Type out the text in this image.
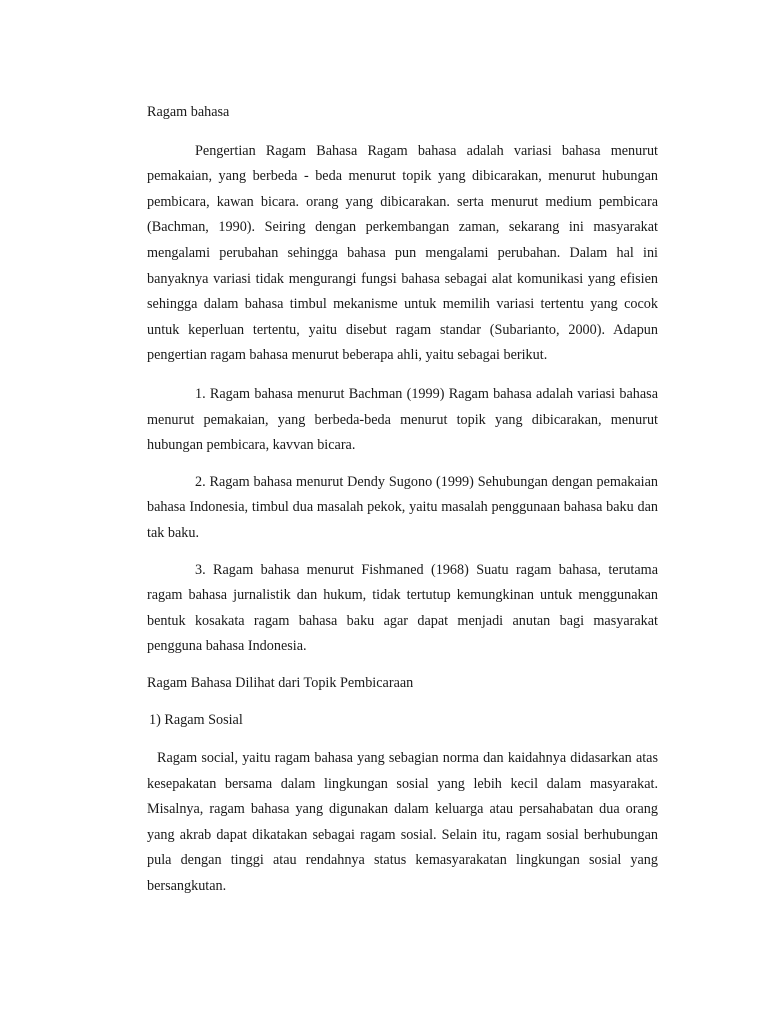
Ragam bahasa

Pengertian Ragam Bahasa Ragam bahasa adalah variasi bahasa menurut pemakaian, yang berbeda - beda menurut topik yang dibicarakan, menurut hubungan pembicara, kawan bicara. orang yang dibicarakan. serta menurut medium pembicara (Bachman, 1990). Seiring dengan perkembangan zaman, sekarang ini masyarakat mengalami perubahan sehingga bahasa pun mengalami perubahan. Dalam hal ini banyaknya variasi tidak mengurangi fungsi bahasa sebagai alat komunikasi yang efisien sehingga dalam bahasa timbul mekanisme untuk memilih variasi tertentu yang cocok untuk keperluan tertentu, yaitu disebut ragam standar (Subarianto, 2000). Adapun pengertian ragam bahasa menurut beberapa ahli, yaitu sebagai berikut.

1. Ragam bahasa menurut Bachman (1999) Ragam bahasa adalah variasi bahasa menurut pemakaian, yang berbeda-beda menurut topik yang dibicarakan, menurut hubungan pembicara, kavvan bicara.

2. Ragam bahasa menurut Dendy Sugono (1999) Sehubungan dengan pemakaian bahasa Indonesia, timbul dua masalah pekok, yaitu masalah penggunaan bahasa baku dan tak baku.

3. Ragam bahasa menurut Fishmaned (1968) Suatu ragam bahasa, terutama ragam bahasa jurnalistik dan hukum, tidak tertutup kemungkinan untuk menggunakan bentuk kosakata ragam bahasa baku agar dapat menjadi anutan bagi masyarakat pengguna bahasa Indonesia.

Ragam Bahasa Dilihat dari Topik Pembicaraan

1) Ragam Sosial

Ragam social, yaitu ragam bahasa yang sebagian norma dan kaidahnya didasarkan atas kesepakatan bersama dalam lingkungan sosial yang lebih kecil dalam masyarakat. Misalnya, ragam bahasa yang digunakan dalam keluarga atau persahabatan dua orang yang akrab dapat dikatakan sebagai ragam sosial. Selain itu, ragam sosial berhubungan pula dengan tinggi atau rendahnya status kemasyarakatan lingkungan sosial yang bersangkutan.
